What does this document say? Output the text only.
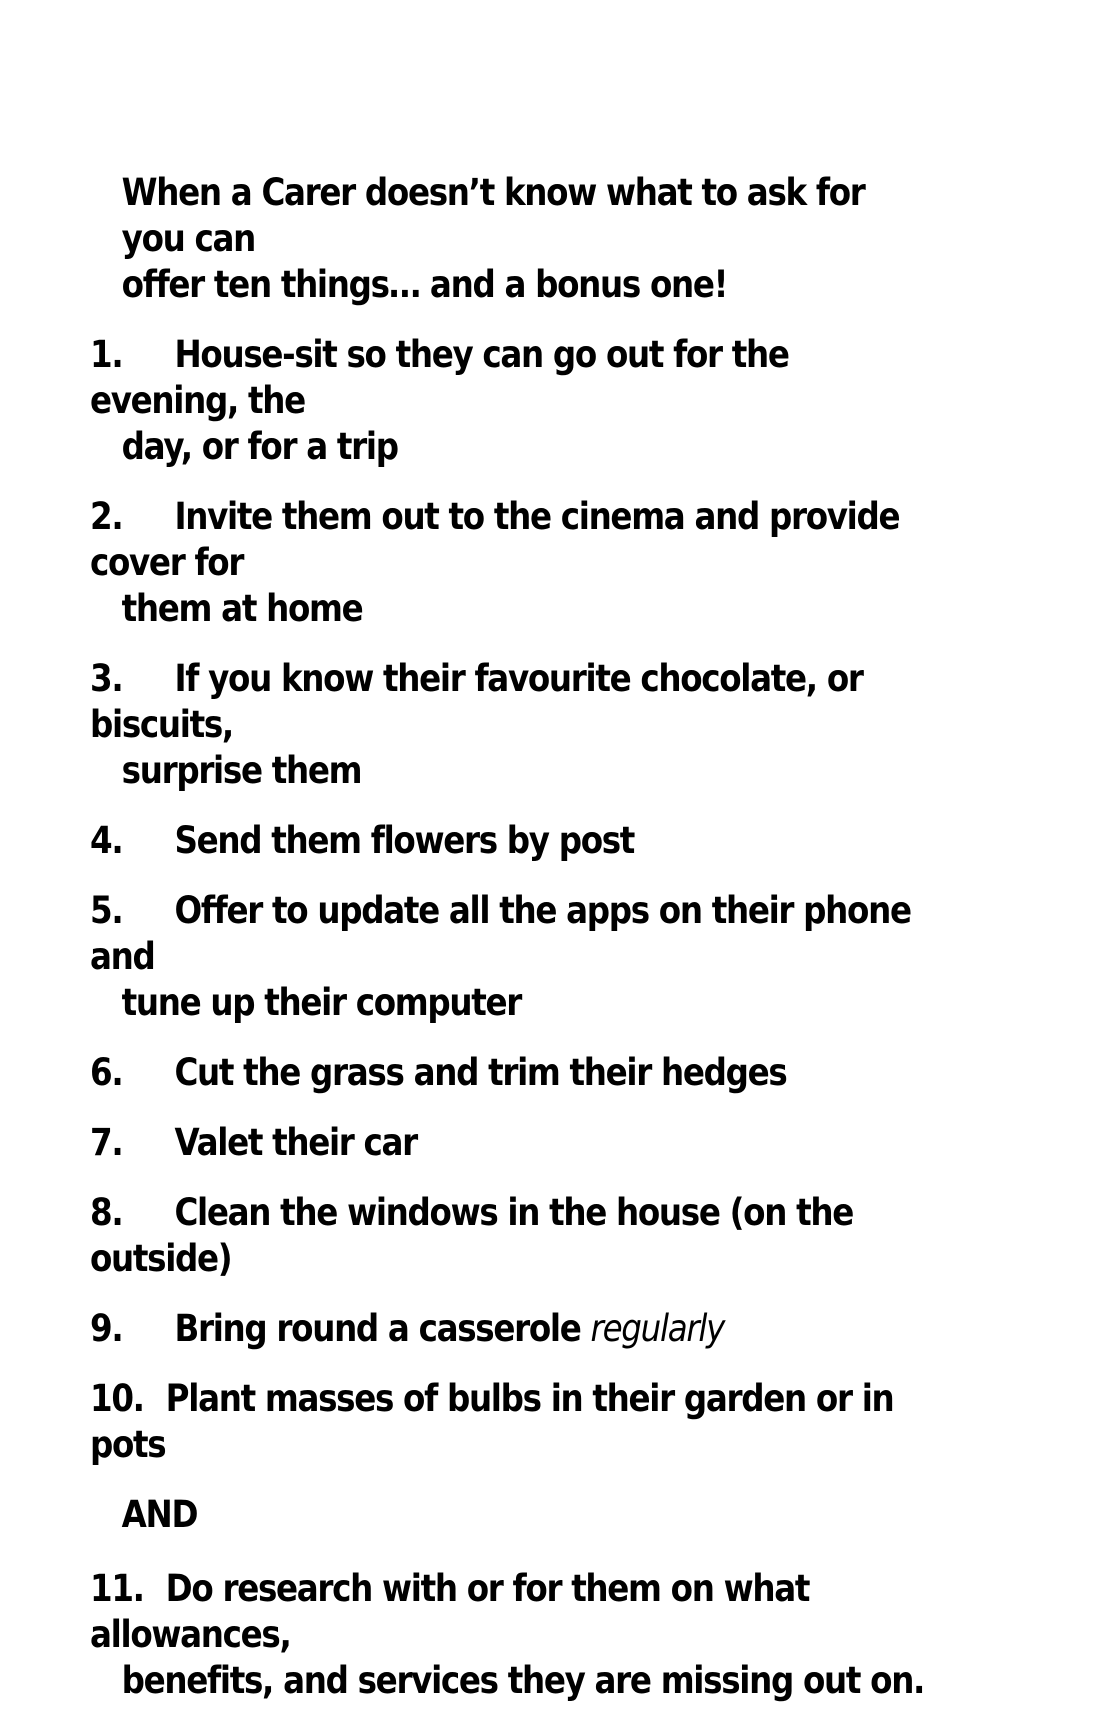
When a Carer doesn’t know what to ask for you can
offer ten things… and a bonus one!
1. House-sit so they can go out for the evening, the
day, or for a trip
2. Invite them out to the cinema and provide cover for
them at home
3. If you know their favourite chocolate, or biscuits,
surprise them
4. Send them flowers by post
5. Offer to update all the apps on their phone and
tune up their computer
6. Cut the grass and trim their hedges
7. Valet their car
8. Clean the windows in the house (on the outside)
9. Bring round a casserole regularly
10. Plant masses of bulbs in their garden or in pots
AND
11. Do research with or for them on what allowances,
benefits, and services they are missing out on.
